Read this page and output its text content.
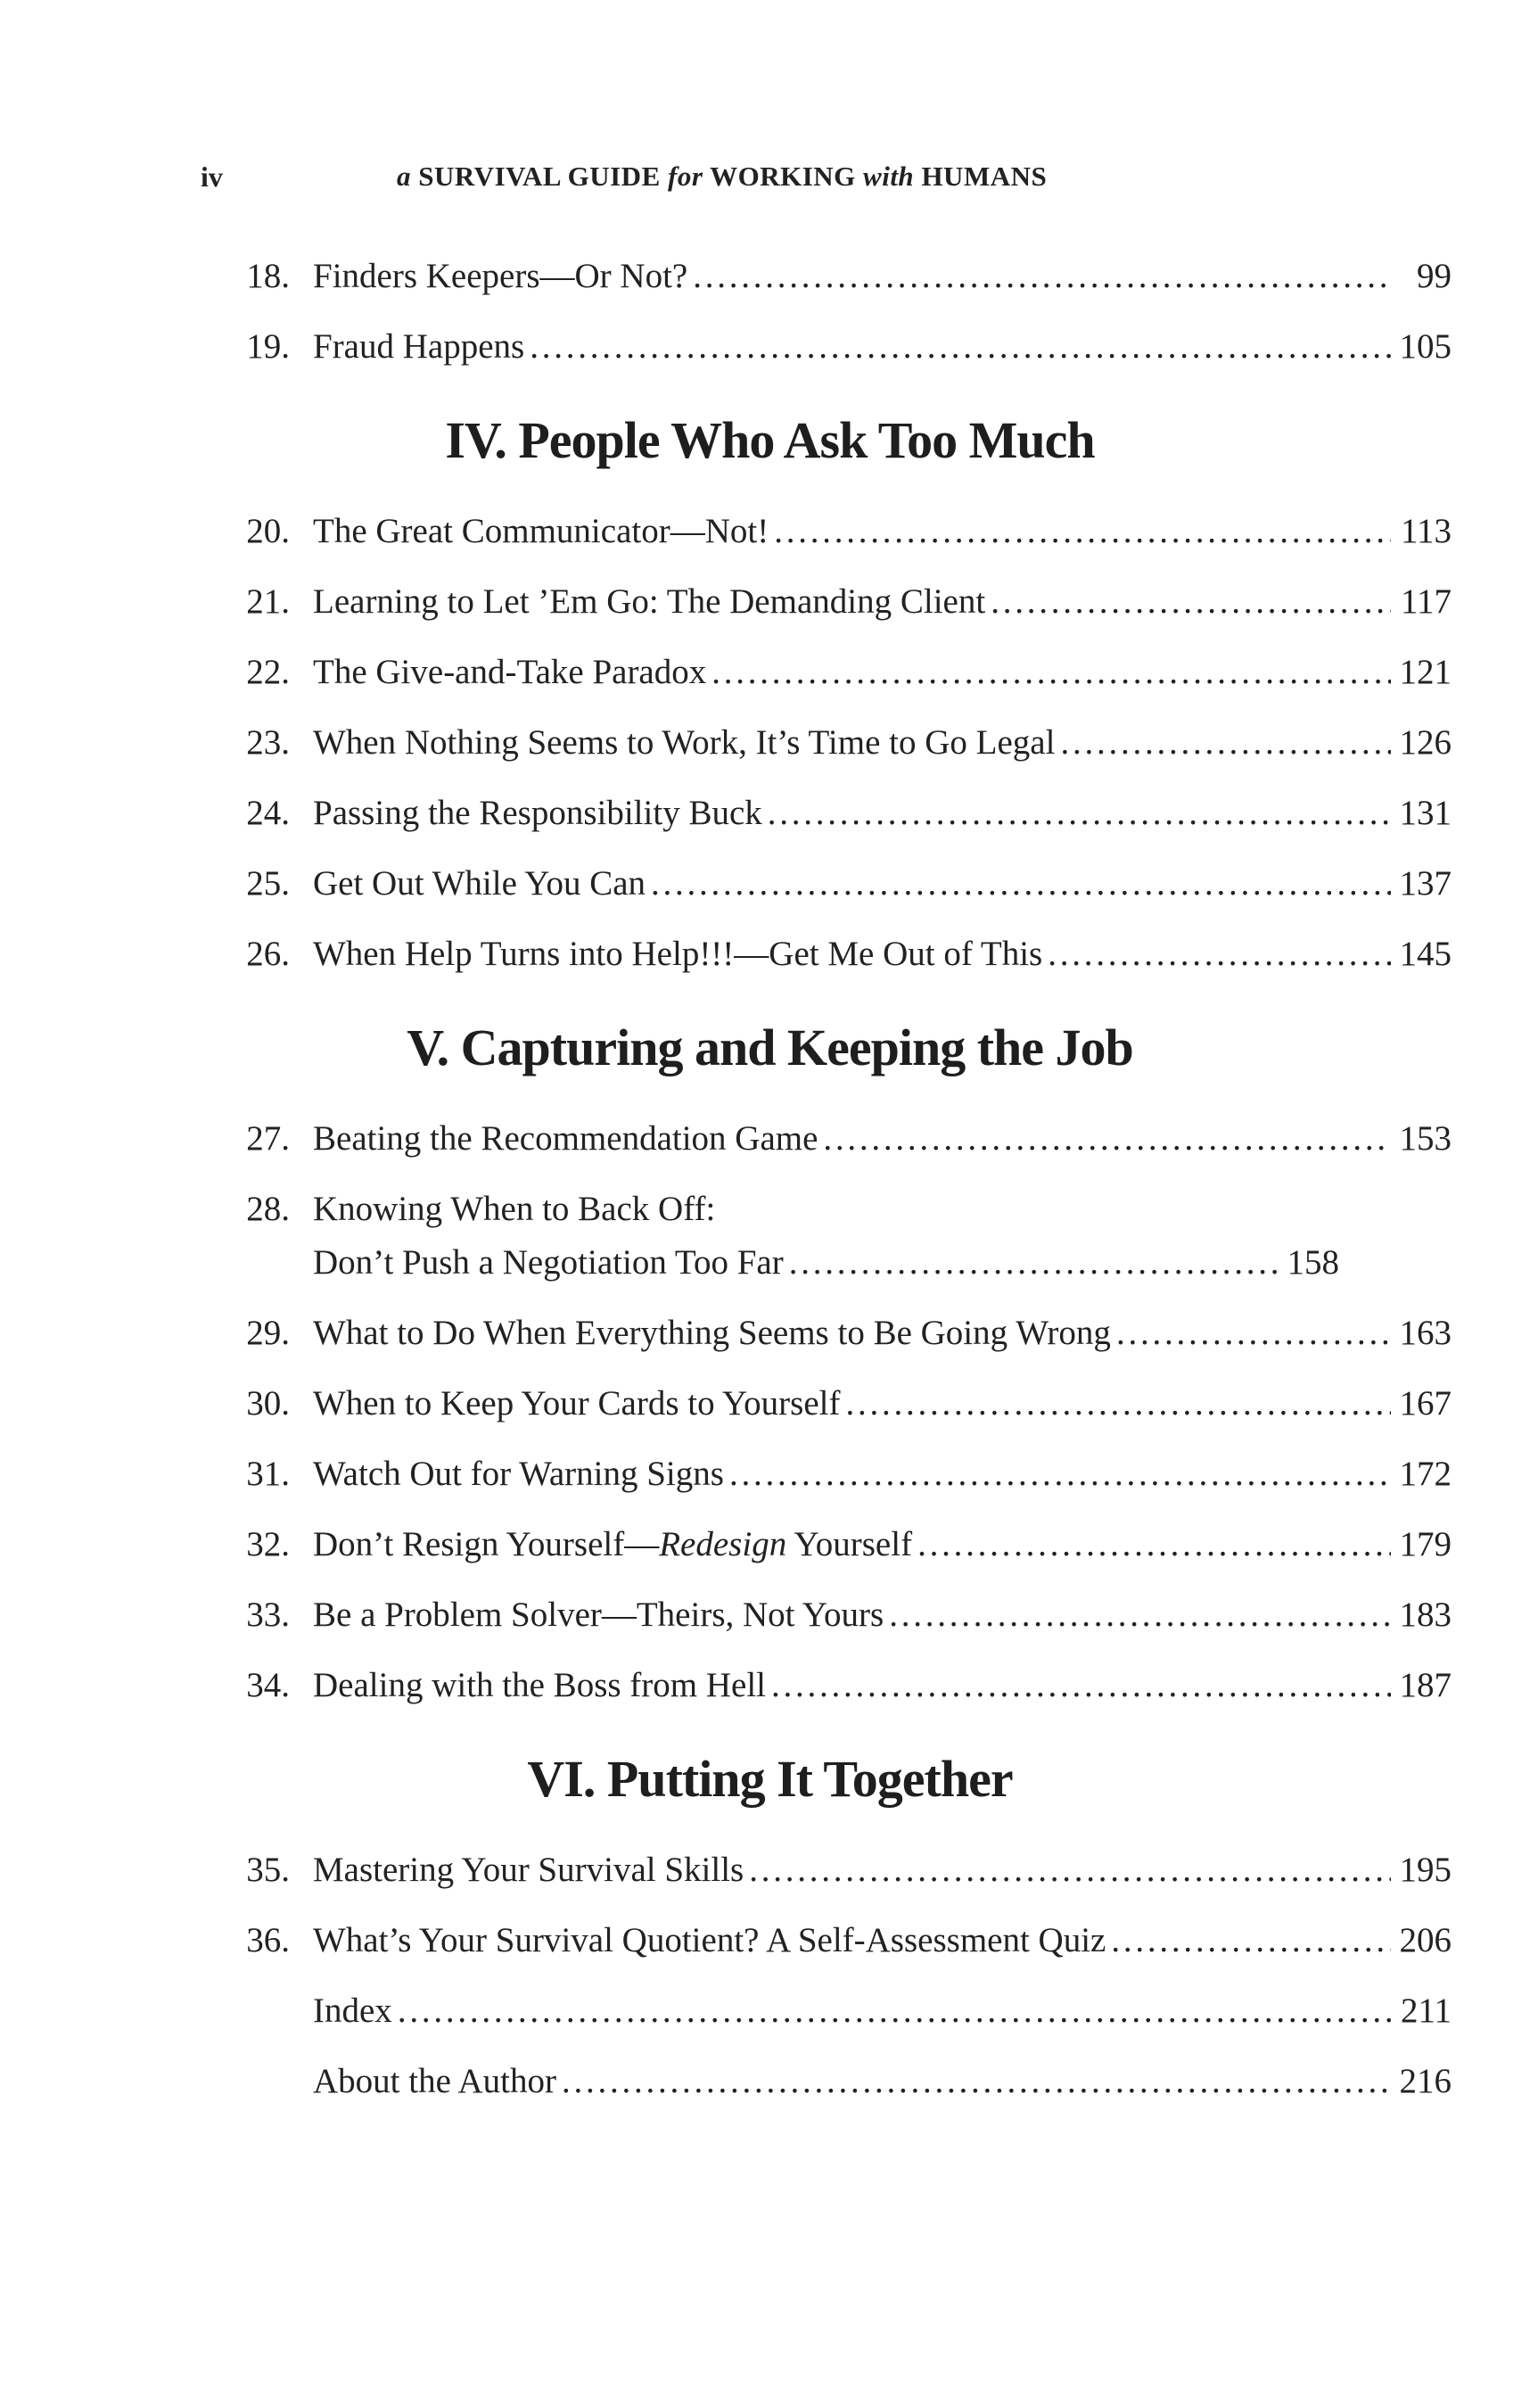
iv	a SURVIVAL GUIDE for WORKING with HUMANS
18. Finders Keepers—Or Not? . . .	99
19. Fraud Happens . . .	105
IV. People Who Ask Too Much
20. The Great Communicator—Not! . . .	113
21. Learning to Let ’Em Go: The Demanding Client . . .	117
22. The Give-and-Take Paradox . . .	121
23. When Nothing Seems to Work, It’s Time to Go Legal . . .	126
24. Passing the Responsibility Buck . . .	131
25. Get Out While You Can . . .	137
26. When Help Turns into Help!!!—Get Me Out of This . . .	145
V. Capturing and Keeping the Job
27. Beating the Recommendation Game . . .	153
28. Knowing When to Back Off:
Don’t Push a Negotiation Too Far . . .	158
29. What to Do When Everything Seems to Be Going Wrong . . .	163
30. When to Keep Your Cards to Yourself . . .	167
31. Watch Out for Warning Signs . . .	172
32. Don’t Resign Yourself—Redesign Yourself . . .	179
33. Be a Problem Solver—Theirs, Not Yours . . .	183
34. Dealing with the Boss from Hell . . .	187
VI. Putting It Together
35. Mastering Your Survival Skills . . .	195
36. What’s Your Survival Quotient? A Self-Assessment Quiz . . .	206
Index . . .	211
About the Author . . .	216
